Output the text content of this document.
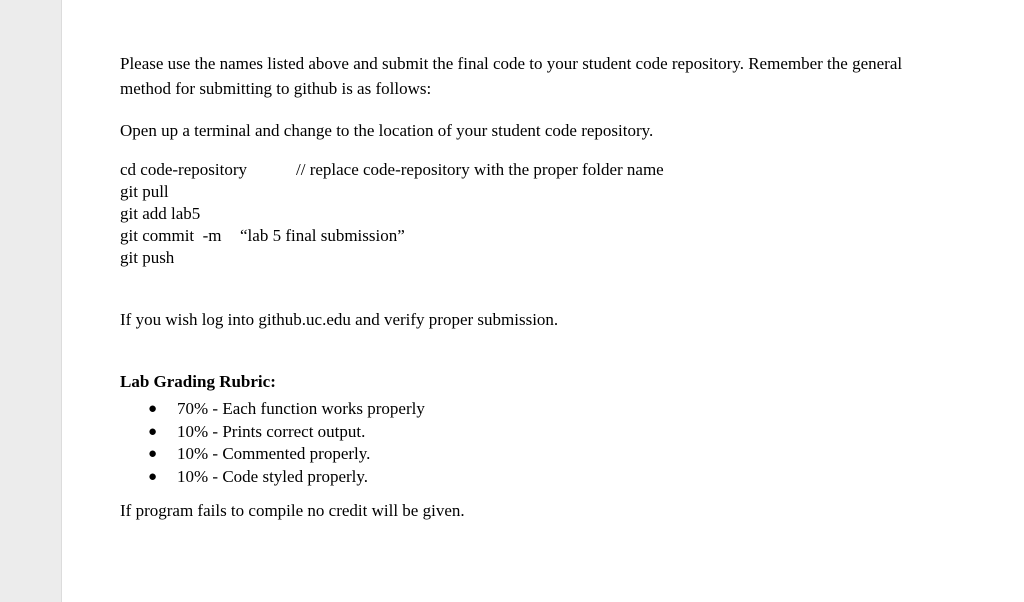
Please use the names listed above and submit the final code to your student code repository. Remember the general method for submitting to github is as follows:

Open up a terminal and change to the location of your student code repository.

cd code-repository	// replace code-repository with the proper folder name
git pull
git add lab5
git commit  -m “lab 5 final submission”
git push

If you wish log into github.uc.edu and verify proper submission.

Lab Grading Rubric:

● 70% - Each function works properly
● 10% - Prints correct output.
● 10% - Commented properly.
● 10% - Code styled properly.

If program fails to compile no credit will be given.
